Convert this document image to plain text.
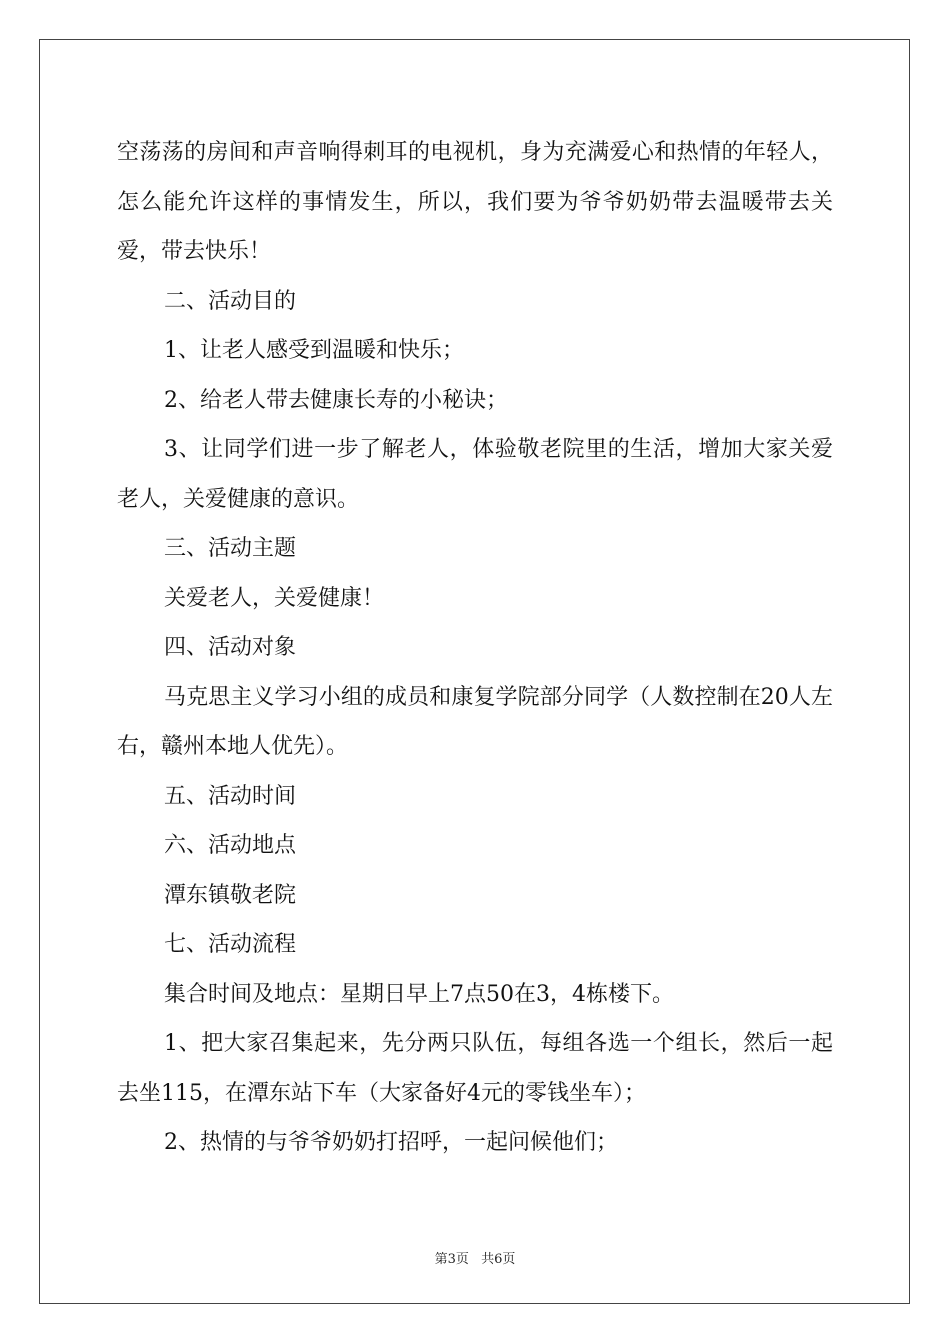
空荡荡的房间和声音响得刺耳的电视机，身为充满爱心和热情的年轻人，怎么能允许这样的事情发生，所以，我们要为爷爷奶奶带去温暖带去关爱，带去快乐！

二、活动目的

1、让老人感受到温暖和快乐；

2、给老人带去健康长寿的小秘诀；

3、让同学们进一步了解老人，体验敬老院里的生活，增加大家关爱老人，关爱健康的意识。

三、活动主题

关爱老人，关爱健康！

四、活动对象

马克思主义学习小组的成员和康复学院部分同学（人数控制在20人左右，赣州本地人优先）。

五、活动时间

六、活动地点

潭东镇敬老院

七、活动流程

集合时间及地点：星期日早上7点50在3，4栋楼下。

1、把大家召集起来，先分两只队伍，每组各选一个组长，然后一起去坐115，在潭东站下车（大家备好4元的零钱坐车）；

2、热情的与爷爷奶奶打招呼，一起问候他们；

第3页 共6页
